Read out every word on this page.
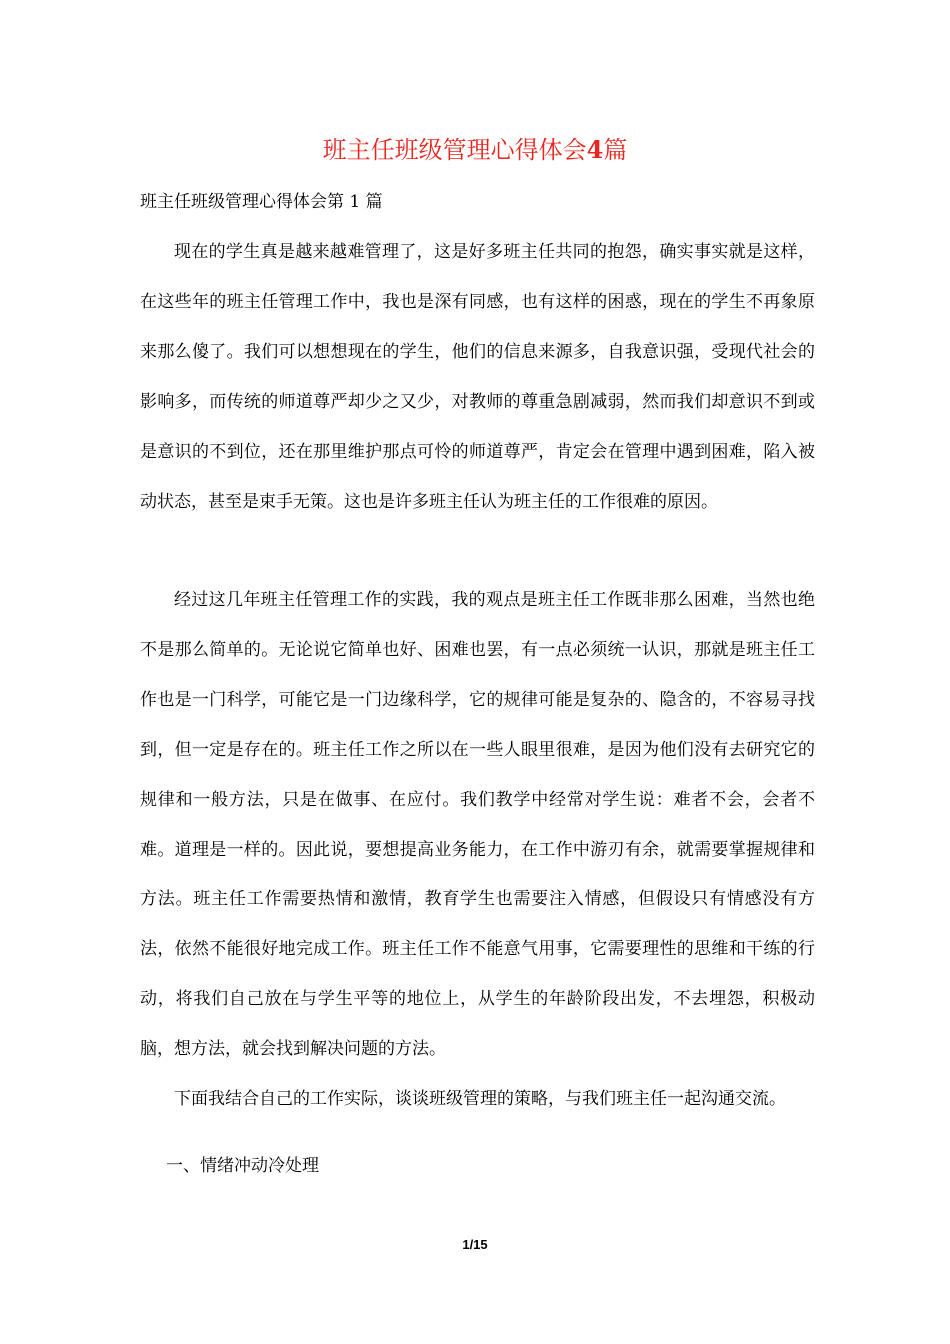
班主任班级管理心得体会4篇

班主任班级管理心得体会第 1 篇

现在的学生真是越来越难管理了，这是好多班主任共同的抱怨，确实事实就是这样，在这些年的班主任管理工作中，我也是深有同感，也有这样的困惑，现在的学生不再象原来那么傻了。我们可以想想现在的学生，他们的信息来源多，自我意识强，受现代社会的影响多，而传统的师道尊严却少之又少，对教师的尊重急剧减弱，然而我们却意识不到或是意识的不到位，还在那里维护那点可怜的师道尊严，肯定会在管理中遇到困难，陷入被动状态，甚至是束手无策。这也是许多班主任认为班主任的工作很难的原因。

经过这几年班主任管理工作的实践，我的观点是班主任工作既非那么困难，当然也绝不是那么简单的。无论说它简单也好、困难也罢，有一点必须统一认识，那就是班主任工作也是一门科学，可能它是一门边缘科学，它的规律可能是复杂的、隐含的，不容易寻找到，但一定是存在的。班主任工作之所以在一些人眼里很难，是因为他们没有去研究它的规律和一般方法，只是在做事、在应付。我们教学中经常对学生说：难者不会，会者不难。道理是一样的。因此说，要想提高业务能力，在工作中游刃有余，就需要掌握规律和方法。班主任工作需要热情和激情，教育学生也需要注入情感，但假设只有情感没有方法，依然不能很好地完成工作。班主任工作不能意气用事，它需要理性的思维和干练的行动，将我们自己放在与学生平等的地位上，从学生的年龄阶段出发，不去埋怨，积极动脑，想方法，就会找到解决问题的方法。

下面我结合自己的工作实际，谈谈班级管理的策略，与我们班主任一起沟通交流。

一、情绪冲动冷处理

1/15
